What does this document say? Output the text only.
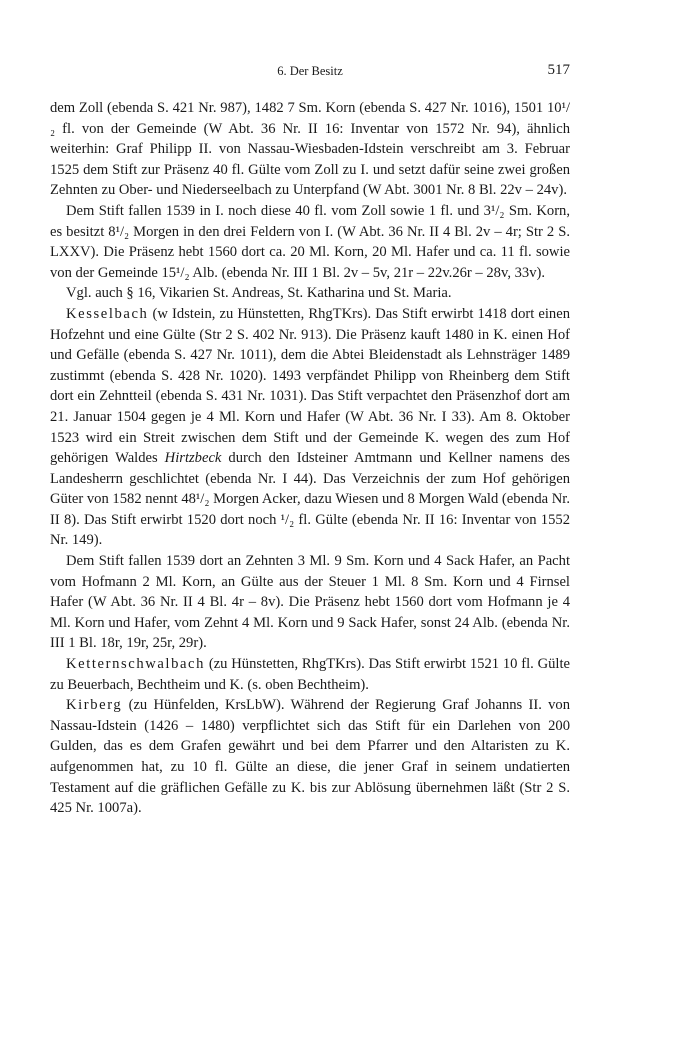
6. Der Besitz	517

dem Zoll (ebenda S. 421 Nr. 987), 1482 7 Sm. Korn (ebenda S. 427 Nr. 1016), 1501 10¹/₂ fl. von der Gemeinde (W Abt. 36 Nr. II 16: Inventar von 1572 Nr. 94), ähnlich weiterhin: Graf Philipp II. von Nassau-Wiesbaden-Idstein verschreibt am 3. Februar 1525 dem Stift zur Präsenz 40 fl. Gülte vom Zoll zu I. und setzt dafür seine zwei großen Zehnten zu Ober- und Niederseelbach zu Unterpfand (W Abt. 3001 Nr. 8 Bl. 22v – 24v).

Dem Stift fallen 1539 in I. noch diese 40 fl. vom Zoll sowie 1 fl. und 3¹/₂ Sm. Korn, es besitzt 8¹/₂ Morgen in den drei Feldern von I. (W Abt. 36 Nr. II 4 Bl. 2v – 4r; Str 2 S. LXXV). Die Präsenz hebt 1560 dort ca. 20 Ml. Korn, 20 Ml. Hafer und ca. 11 fl. sowie von der Gemeinde 15¹/₂ Alb. (ebenda Nr. III 1 Bl. 2v – 5v, 21r – 22v.26r – 28v, 33v).

Vgl. auch § 16, Vikarien St. Andreas, St. Katharina und St. Maria.

Kesselbach (w Idstein, zu Hünstetten, RhgTKrs). Das Stift erwirbt 1418 dort einen Hofzehnt und eine Gülte (Str 2 S. 402 Nr. 913). Die Präsenz kauft 1480 in K. einen Hof und Gefälle (ebenda S. 427 Nr. 1011), dem die Abtei Bleidenstadt als Lehnsträger 1489 zustimmt (ebenda S. 428 Nr. 1020). 1493 verpfändet Philipp von Rheinberg dem Stift dort ein Zehntteil (ebenda S. 431 Nr. 1031). Das Stift verpachtet den Präsenzhof dort am 21. Januar 1504 gegen je 4 Ml. Korn und Hafer (W Abt. 36 Nr. I 33). Am 8. Oktober 1523 wird ein Streit zwischen dem Stift und der Gemeinde K. wegen des zum Hof gehörigen Waldes Hirtzbeck durch den Idsteiner Amtmann und Kellner namens des Landesherrn geschlichtet (ebenda Nr. I 44). Das Verzeichnis der zum Hof gehörigen Güter von 1582 nennt 48¹/₂ Morgen Acker, dazu Wiesen und 8 Morgen Wald (ebenda Nr. II 8). Das Stift erwirbt 1520 dort noch ¹/₂ fl. Gülte (ebenda Nr. II 16: Inventar von 1552 Nr. 149).

Dem Stift fallen 1539 dort an Zehnten 3 Ml. 9 Sm. Korn und 4 Sack Hafer, an Pacht vom Hofmann 2 Ml. Korn, an Gülte aus der Steuer 1 Ml. 8 Sm. Korn und 4 Firnsel Hafer (W Abt. 36 Nr. II 4 Bl. 4r – 8v). Die Präsenz hebt 1560 dort vom Hofmann je 4 Ml. Korn und Hafer, vom Zehnt 4 Ml. Korn und 9 Sack Hafer, sonst 24 Alb. (ebenda Nr. III 1 Bl. 18r, 19r, 25r, 29r).

Ketternschwalbach (zu Hünstetten, RhgTKrs). Das Stift erwirbt 1521 10 fl. Gülte zu Beuerbach, Bechtheim und K. (s. oben Bechtheim).

Kirberg (zu Hünfelden, KrsLbW). Während der Regierung Graf Johanns II. von Nassau-Idstein (1426 – 1480) verpflichtet sich das Stift für ein Darlehen von 200 Gulden, das es dem Grafen gewährt und bei dem Pfarrer und den Altaristen zu K. aufgenommen hat, zu 10 fl. Gülte an diese, die jener Graf in seinem undatierten Testament auf die gräflichen Gefälle zu K. bis zur Ablösung übernehmen läßt (Str 2 S. 425 Nr. 1007a).
